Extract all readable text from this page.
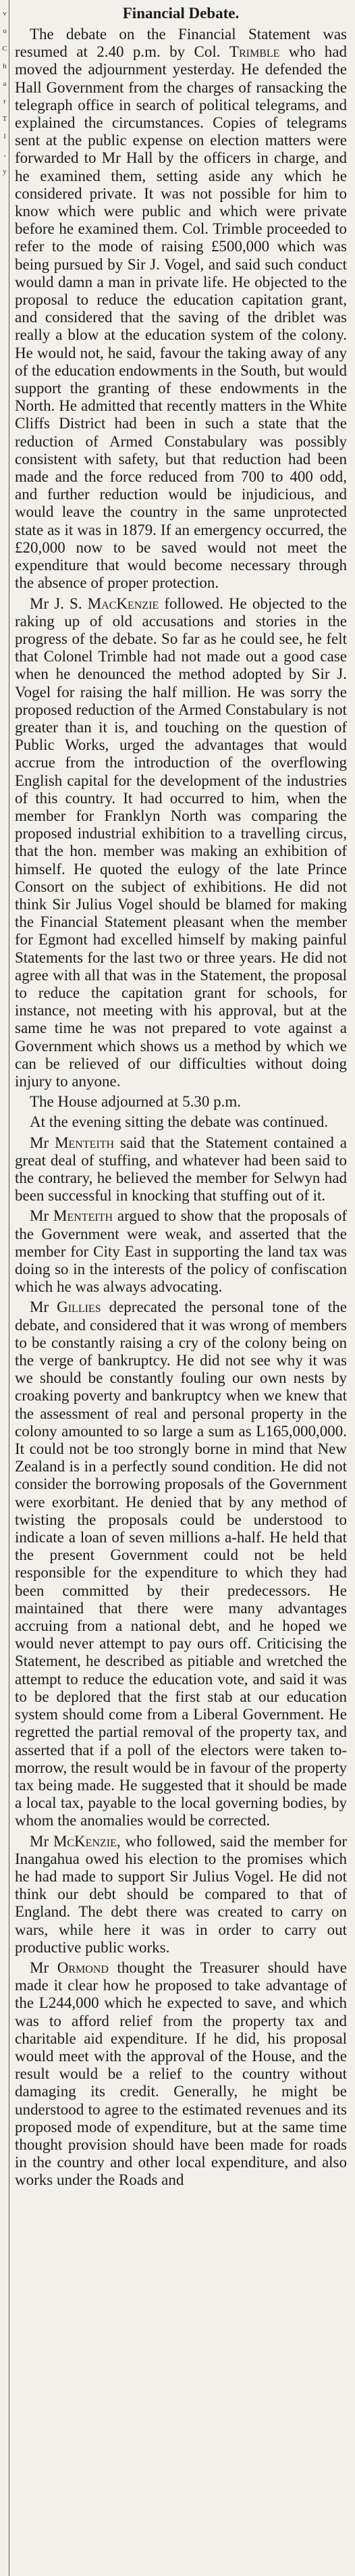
v
o
C
h
a
r
T
l
,
y
Financial Debate.

The debate on the Financial Statement was resumed at 2.40 p.m. by Col. Trimble who had moved the adjournment yesterday. He defended the Hall Government from the charges of ransacking the telegraph office in search of political telegrams, and explained the circumstances. Copies of telegrams sent at the public expense on election matters were forwarded to Mr Hall by the officers in charge, and he examined them, setting aside any which he considered private. It was not possible for him to know which were public and which were private before he examined them. Col. Trimble proceeded to refer to the mode of raising £500,000 which was being pursued by Sir J. Vogel, and said such conduct would damn a man in private life. He objected to the proposal to reduce the education capitation grant, and considered that the saving of the driblet was really a blow at the education system of the colony. He would not, he said, favour the taking away of any of the education endowments in the South, but would support the granting of these endowments in the North. He admitted that recently matters in the White Cliffs District had been in such a state that the reduction of Armed Constabulary was possibly consistent with safety, but that reduction had been made and the force reduced from 700 to 400 odd, and further reduction would be injudicious, and would leave the country in the same unprotected state as it was in 1879. If an emergency occurred, the £20,000 now to be saved would not meet the expenditure that would become necessary through the absence of proper protection.

Mr J. S. MacKenzie followed. He objected to the raking up of old accusations and stories in the progress of the debate. So far as he could see, he felt that Colonel Trimble had not made out a good case when he denounced the method adopted by Sir J. Vogel for raising the half million. He was sorry the proposed reduction of the Armed Constabulary is not greater than it is, and touching on the question of Public Works, urged the advantages that would accrue from the introduction of the overflowing English capital for the development of the industries of this country. It had occurred to him, when the member for Franklyn North was comparing the proposed industrial exhibition to a travelling circus, that the hon. member was making an exhibition of himself. He quoted the eulogy of the late Prince Consort on the subject of exhibitions. He did not think Sir Julius Vogel should be blamed for making the Financial Statement pleasant when the member for Egmont had excelled himself by making painful Statements for the last two or three years. He did not agree with all that was in the Statement, the proposal to reduce the capitation grant for schools, for instance, not meeting with his approval, but at the same time he was not prepared to vote against a Government which shows us a method by which we can be relieved of our difficulties without doing injury to anyone.

The House adjourned at 5.30 p.m.

At the evening sitting the debate was continued.

Mr Menteith said that the Statement contained a great deal of stuffing, and whatever had been said to the contrary, he believed the member for Selwyn had been successful in knocking that stuffing out of it.

Mr Menteith argued to show that the proposals of the Government were weak, and asserted that the member for City East in supporting the land tax was doing so in the interests of the policy of confiscation which he was always advocating.

Mr Gillies deprecated the personal tone of the debate, and considered that it was wrong of members to be constantly raising a cry of the colony being on the verge of bankruptcy. He did not see why it was we should be constantly fouling our own nests by croaking poverty and bankruptcy when we knew that the assessment of real and personal property in the colony amounted to so large a sum as L165,000,000. It could not be too strongly borne in mind that New Zealand is in a perfectly sound condition. He did not consider the borrowing proposals of the Government were exorbitant. He denied that by any method of twisting the proposals could be understood to indicate a loan of seven millions a-half. He held that the present Government could not be held responsible for the expenditure to which they had been committed by their predecessors. He maintained that there were many advantages accruing from a national debt, and he hoped we would never attempt to pay ours off. Criticising the Statement, he described as pitiable and wretched the attempt to reduce the education vote, and said it was to be deplored that the first stab at our education system should come from a Liberal Government. He regretted the partial removal of the property tax, and asserted that if a poll of the electors were taken to-morrow, the result would be in favour of the property tax being made. He suggested that it should be made a local tax, payable to the local governing bodies, by whom the anomalies would be corrected.

Mr McKenzie, who followed, said the member for Inangahua owed his election to the promises which he had made to support Sir Julius Vogel. He did not think our debt should be compared to that of England. The debt there was created to carry on wars, while here it was in order to carry out productive public works.

Mr Ormond thought the Treasurer should have made it clear how he proposed to take advantage of the L244,000 which he expected to save, and which was to afford relief from the property tax and charitable aid expenditure. If he did, his proposal would meet with the approval of the House, and the result would be a relief to the country without damaging its credit. Generally, he might be understood to agree to the estimated revenues and its proposed mode of expenditure, but at the same time thought provision should have been made for roads in the country and other local expenditure, and also works under the Roads and
